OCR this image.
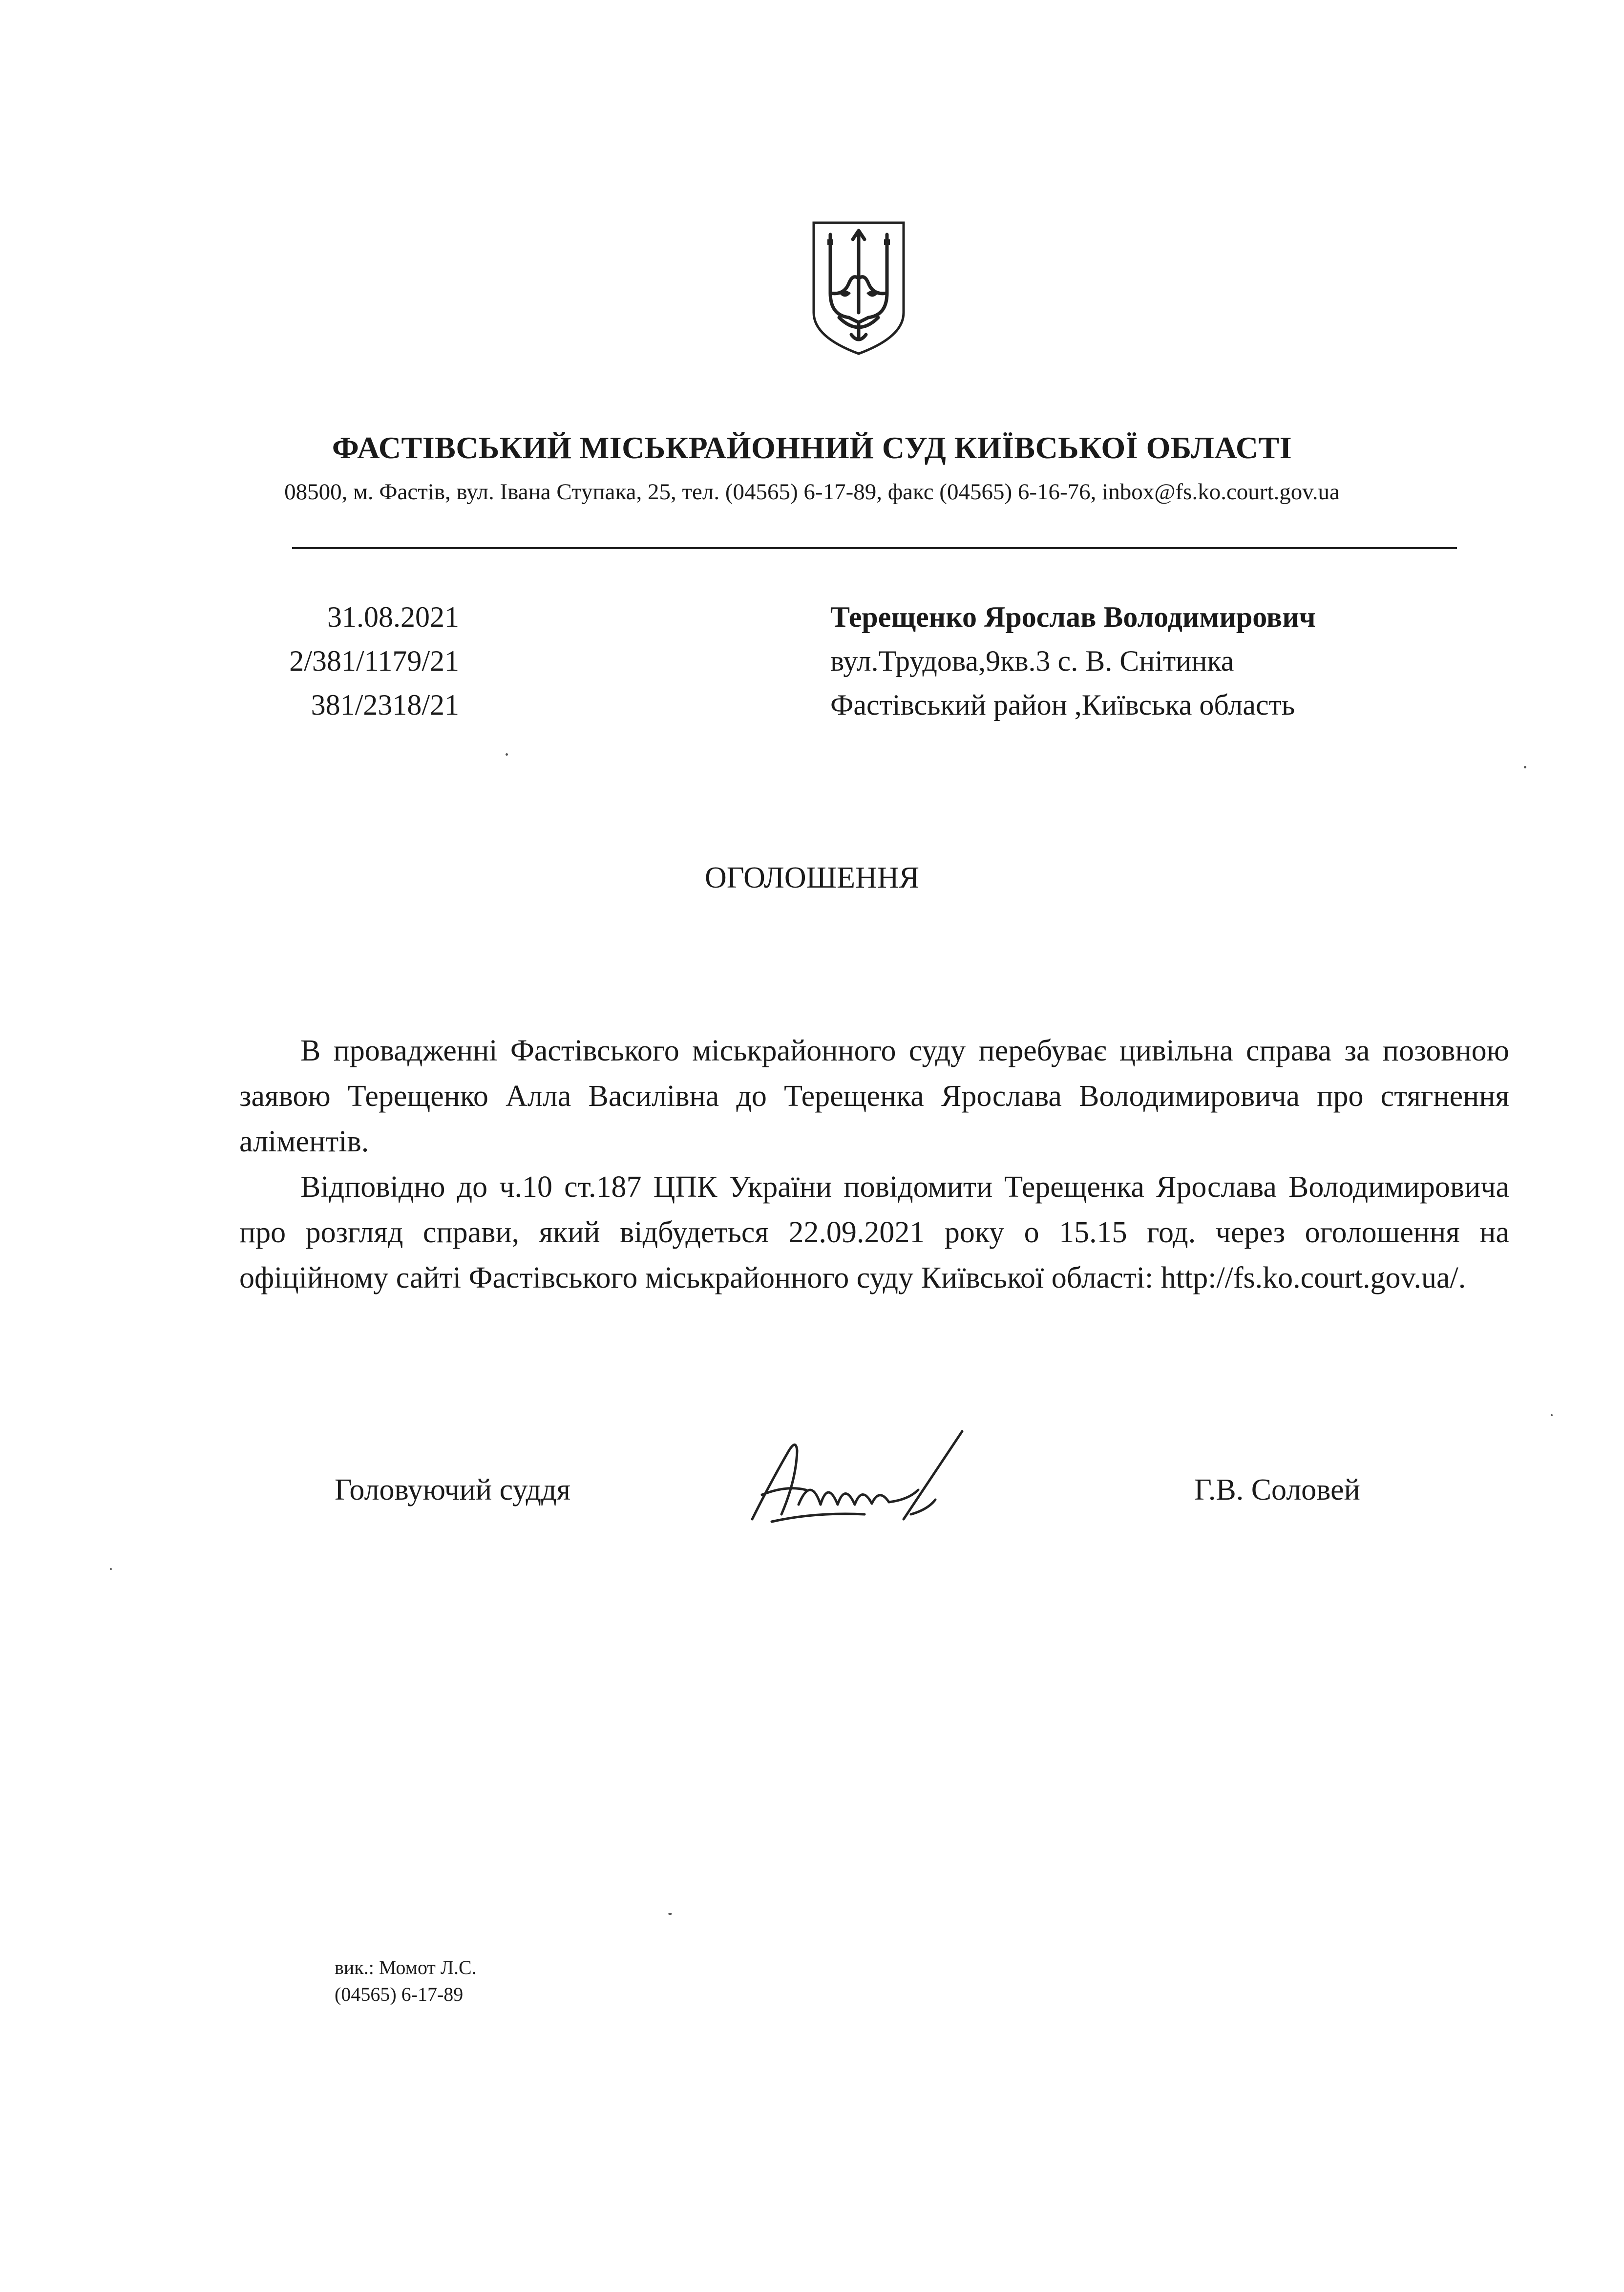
ФАСТІВСЬКИЙ МІСЬКРАЙОННИЙ СУД КИЇВСЬКОЇ ОБЛАСТІ
08500, м. Фастів, вул. Івана Ступака, 25, тел. (04565) 6-17-89, факс (04565) 6-16-76, inbox@fs.ko.court.gov.ua
31.08.2021
2/381/1179/21
381/2318/21
Терещенко Ярослав Володимирович
вул.Трудова,9кв.3 с. В. Снітинка
Фастівський район ,Київська область
ОГОЛОШЕННЯ

В провадженні Фастівського міськрайонного суду перебуває цивільна справа за позовною заявою Терещенко Алла Василівна до Терещенка Ярослава Володимировича про стягнення аліментів.

Відповідно до ч.10 ст.187 ЦПК України повідомити Терещенка Ярослава Володимировича про розгляд справи, який відбудеться 22.09.2021 року о 15.15 год. через оголошення на офіційному сайті Фастівського міськрайонного суду Київської області: http://fs.ko.court.gov.ua/.

Головуючий суддя	Г.В. Соловей
вик.: Момот Л.С.
(04565) 6-17-89
